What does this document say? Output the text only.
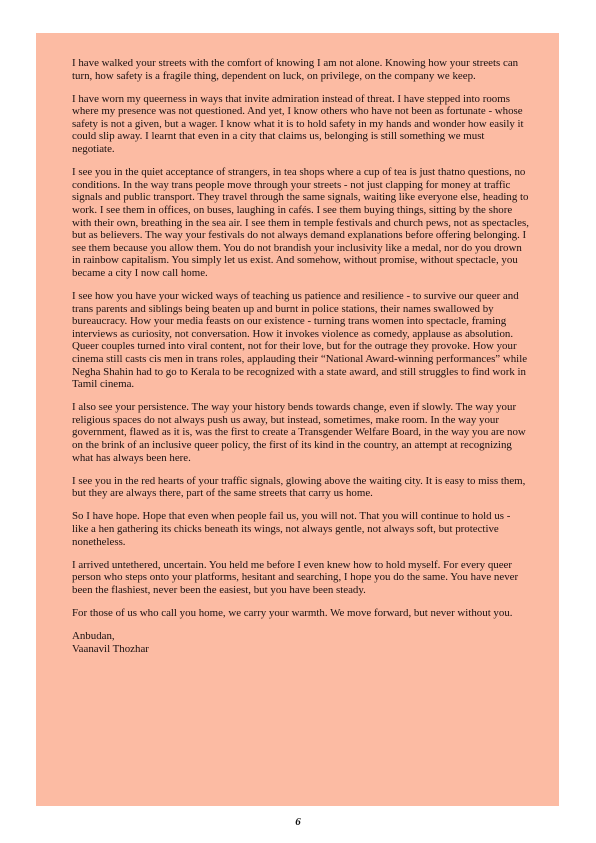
I have walked your streets with the comfort of knowing I am not alone. Knowing how your streets can turn, how safety is a fragile thing, dependent on luck, on privilege, on the company we keep.

I have worn my queerness in ways that invite admiration instead of threat. I have stepped into rooms where my presence was not questioned. And yet, I know others who have not been as fortunate - whose safety is not a given, but a wager. I know what it is to hold safety in my hands and wonder how easily it could slip away. I learnt that even in a city that claims us, belonging is still something we must negotiate.

I see you in the quiet acceptance of strangers, in tea shops where a cup of tea is just thatno questions, no conditions. In the way trans people move through your streets - not just clapping for money at traffic signals and public transport. They travel through the same signals, waiting like everyone else, heading to work. I see them in offices, on buses, laughing in cafés. I see them buying things, sitting by the shore with their own, breathing in the sea air. I see them in temple festivals and church pews, not as spectacles, but as believers. The way your festivals do not always demand explanations before offering belonging. I see them because you allow them. You do not brandish your inclusivity like a medal, nor do you drown in rainbow capitalism. You simply let us exist. And somehow, without promise, without spectacle, you became a city I now call home.

I see how you have your wicked ways of teaching us patience and resilience - to survive our queer and trans parents and siblings being beaten up and burnt in police stations, their names swallowed by bureaucracy. How your media feasts on our existence - turning trans women into spectacle, framing interviews as curiosity, not conversation. How it invokes violence as comedy, applause as absolution. Queer couples turned into viral content, not for their love, but for the outrage they provoke. How your cinema still casts cis men in trans roles, applauding their “National Award-winning performances” while Negha Shahin had to go to Kerala to be recognized with a state award, and still struggles to find work in Tamil cinema.

I also see your persistence. The way your history bends towards change, even if slowly. The way your religious spaces do not always push us away, but instead, sometimes, make room. In the way your government, flawed as it is, was the first to create a Transgender Welfare Board, in the way you are now on the brink of an inclusive queer policy, the first of its kind in the country, an attempt at recognizing what has always been here.

I see you in the red hearts of your traffic signals, glowing above the waiting city. It is easy to miss them, but they are always there, part of the same streets that carry us home.

So I have hope. Hope that even when people fail us, you will not. That you will continue to hold us - like a hen gathering its chicks beneath its wings, not always gentle, not always soft, but protective nonetheless.

I arrived untethered, uncertain. You held me before I even knew how to hold myself. For every queer person who steps onto your platforms, hesitant and searching, I hope you do the same. You have never been the flashiest, never been the easiest, but you have been steady.

For those of us who call you home, we carry your warmth. We move forward, but never without you.

Anbudan,
Vaanavil Thozhar

6
